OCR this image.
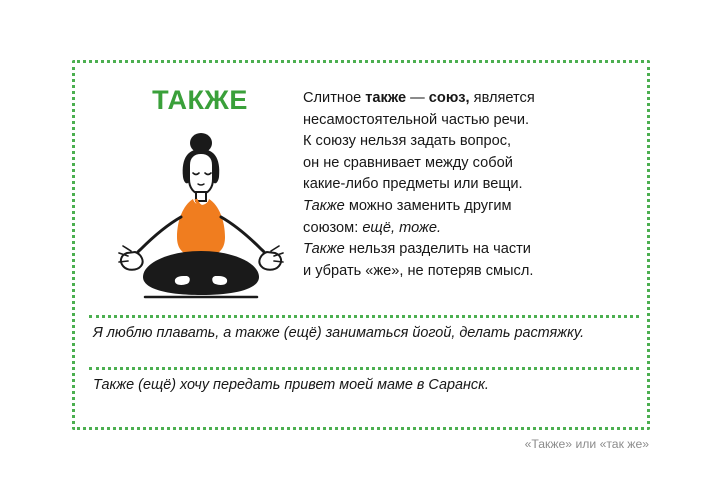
ТАКЖЕ	Слитное также — союз, является

несамостоятельной частью речи.

К союзу нельзя задать вопрос,

он не сравнивает между собой

какие-либо предметы или вещи.

Также можно заменить другим

союзом: ещё, тоже.

Также нельзя разделить на части

и убрать «же», не потеряв смысл.

Я люблю плавать, а также (ещё) заниматься йогой, делать растяжку.
Также (ещё) хочу передать привет моей маме в Саранск.
«Также» или «так же»
